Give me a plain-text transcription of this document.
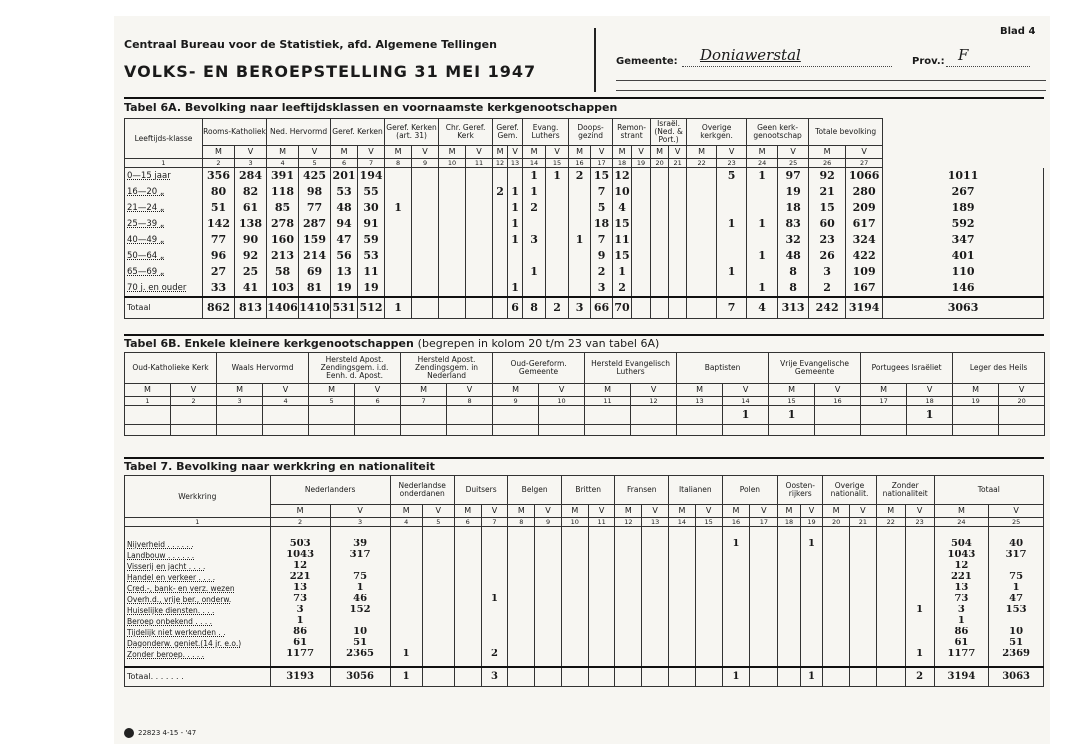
Centraal Bureau voor de Statistiek, afd. Algemene Tellingen
VOLKS- EN BEROEPSTELLING 31 MEI 1947
Blad 4
Gemeente: Doniawerstal	Prov.: F
Tabel 6A. Bevolking naar leeftijdsklassen en voornaamste kerkgenootschappen
Leeftijds-klasse	Rooms-Katholiek		Ned. Hervormd		Geref. Kerken		Geref. Kerken (art. 31)		Chr. Geref. Kerk		Geref. Gem.		Evang. Luthers		Doops-gezind		Remon-strant		Israël. (Ned. & Port.)		Overige kerkgen.		Geen kerk-genootschap		Totale bevolking		
	M	V	M	V	M	V	M	V	M	V	M	V	M	V	M	V	M	V	M	V	M	V	M	V	M	V	
1	2	3	4	5	6	7	8	9	10	11	12	13	14	15	16	17	18	19	20	21	22	23	24	25	26	27	
0—15 jaar	356	284	391	425	201	194							1	1	2	15	12					5	1	97	92	1066	1011
16—20 „	80	82	118	98	53	55					2	1	1			7	10							19	21	280	267
21—24 „	51	61	85	77	48	30	1					1	2			5	4							18	15	209	189
25—39 „	142	138	278	287	94	91						1				18	15					1	1	83	60	617	592
40—49 „	77	90	160	159	47	59						1	3		1	7	11							32	23	324	347
50—64 „	96	92	213	214	56	53										9	15						1	48	26	422	401
65—69 „	27	25	58	69	13	11							1			2	1					1		8	3	109	110
70 j. en ouder	33	41	103	81	19	19						1				3	2						1	8	2	167	146
Totaal	862	813	1406	1410	531	512	1					6	8	2	3	66	70					7	4	313	242	3194	3063
Tabel 6B. Enkele kleinere kerkgenootschappen (begrepen in kolom 20 t/m 23 van tabel 6A)
Oud-Katholieke Kerk		Waals Hervormd		Hersteld Apost. Zendingsgem. i.d. Eenh. d. Apost.		Hersteld Apost. Zendingsgem. in Nederland		Oud-Gereform. Gemeente		Hersteld Evangelisch Luthers		Baptisten		Vrije Evangelische Gemeente		Portugees Israëliet		Leger des Heils	
M	V	M	V	M	V	M	V	M	V	M	V	M	V	M	V	M	V	M	V
1	2	3	4	5	6	7	8	9	10	11	12	13	14	15	16	17	18	19	20
													1	1			1		

Tabel 7. Bevolking naar werkkring en nationaliteit
Werkkring	Nederlanders		Nederlandse onderdanen		Duitsers		Belgen		Britten		Fransen		Italianen		Polen		Oosten-rijkers		Overige nationalit.		Zonder nationaliteit		Totaal	
	M	V	M	V	M	V	M	V	M	V	M	V	M	V	M	V	M	V	M	V	M	V	M	V
1	2	3	4	5	6	7	8	9	10	11	12	13	14	15	16	17	18	19	20	21	22	23	24	25

Nijverheid . . . . . .	503	39													1			1					504	40
Landbouw . . . . . .	1043	317																					1043	317
Visserij en jacht . . . .	12																						12	
Handel en verkeer . . . .	221	75																					221	75
Cred.-, bank- en verz. wezen	13	1																					13	1
Overh.d., vrije ber., onderw.	73	46				1																	73	47
Huiselijke diensten. . . .	3	152																				1	3	153
Beroep onbekend . . . .	1																						1	
Tijdelijk niet werkenden . .	86	10																					86	10
Dagonderw. geniet.(14 jr. e.o.)	61	51																					61	51
Zonder beroep. . . . .	1177	2365	1			2																1	1177	2369

Totaal. . . . . . .	3193	3056	1			3									1			1				2	3194	3063
22823 4-15 - '47
